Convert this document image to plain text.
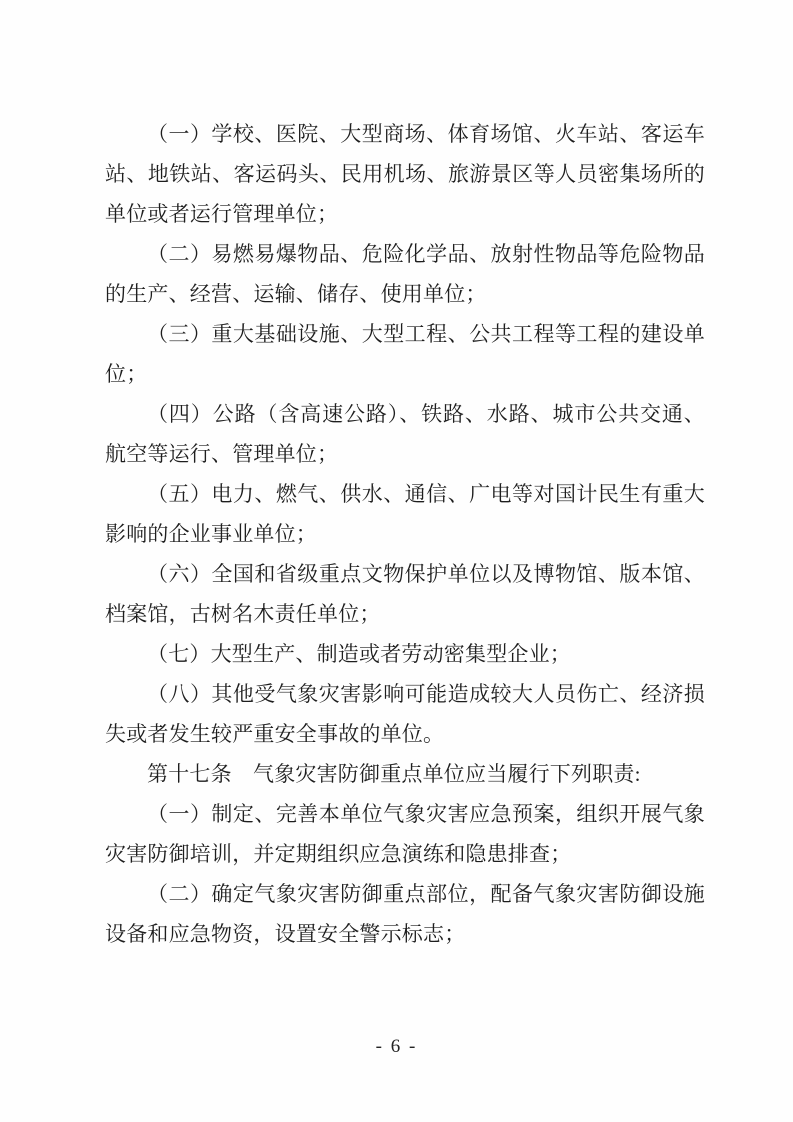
（一）学校、医院、大型商场、体育场馆、火车站、客运车站、地铁站、客运码头、民用机场、旅游景区等人员密集场所的单位或者运行管理单位；

（二）易燃易爆物品、危险化学品、放射性物品等危险物品的生产、经营、运输、储存、使用单位；

（三）重大基础设施、大型工程、公共工程等工程的建设单位；

（四）公路（含高速公路）、铁路、水路、城市公共交通、航空等运行、管理单位；

（五）电力、燃气、供水、通信、广电等对国计民生有重大影响的企业事业单位；

（六）全国和省级重点文物保护单位以及博物馆、版本馆、档案馆，古树名木责任单位；

（七）大型生产、制造或者劳动密集型企业；

（八）其他受气象灾害影响可能造成较大人员伤亡、经济损失或者发生较严重安全事故的单位。

第十七条　气象灾害防御重点单位应当履行下列职责:

（一）制定、完善本单位气象灾害应急预案，组织开展气象灾害防御培训，并定期组织应急演练和隐患排查；

（二）确定气象灾害防御重点部位，配备气象灾害防御设施设备和应急物资，设置安全警示标志；

- 6 -
